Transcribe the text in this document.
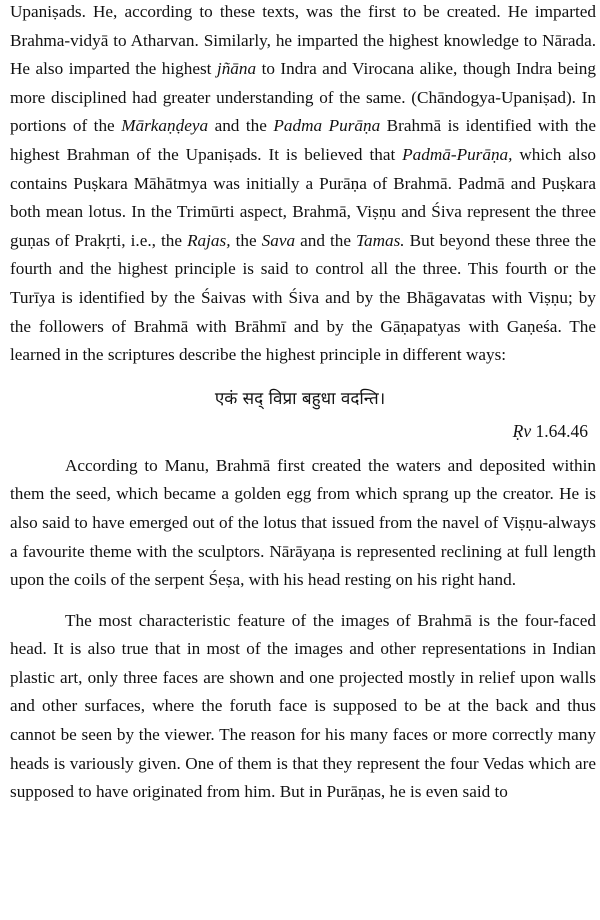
Upaniṣads. He, according to these texts, was the first to be created. He imparted Brahma-vidyā to Atharvan. Similarly, he imparted the highest knowledge to Nārada. He also imparted the highest jñāna to Indra and Virocana alike, though Indra being more disciplined had greater understanding of the same. (Chāndogya-Upaniṣad). In portions of the Mārkaṇḍeya and the Padma Purāṇa Brahmā is identified with the highest Brahman of the Upaniṣads. It is believed that Padmā-Purāṇa, which also contains Puṣkara Māhātmya was initially a Purāṇa of Brahmā. Padmā and Puṣkara both mean lotus. In the Trimūrti aspect, Brahmā, Viṣṇu and Śiva represent the three guṇas of Prakṛti, i.e., the Rajas, the Sava and the Tamas. But beyond these three the fourth and the highest principle is said to control all the three. This fourth or the Turīya is identified by the Śaivas with Śiva and by the Bhāgavatas with Viṣṇu; by the followers of Brahmā with Brāhmī and by the Gāṇapatyas with Gaṇeśa. The learned in the scriptures describe the highest principle in different ways:

एकं सद् विप्रा बहुधा वदन्ति।
Ṛv 1.64.46

According to Manu, Brahmā first created the waters and deposited within them the seed, which became a golden egg from which sprang up the creator. He is also said to have emerged out of the lotus that issued from the navel of Viṣṇu-always a favourite theme with the sculptors. Nārāyaṇa is represented reclining at full length upon the coils of the serpent Śeṣa, with his head resting on his right hand.

The most characteristic feature of the images of Brahmā is the four-faced head. It is also true that in most of the images and other representations in Indian plastic art, only three faces are shown and one projected mostly in relief upon walls and other surfaces, where the foruth face is supposed to be at the back and thus cannot be seen by the viewer. The reason for his many faces or more correctly many heads is variously given. One of them is that they represent the four Vedas which are supposed to have originated from him. But in Purāṇas, he is even said to
